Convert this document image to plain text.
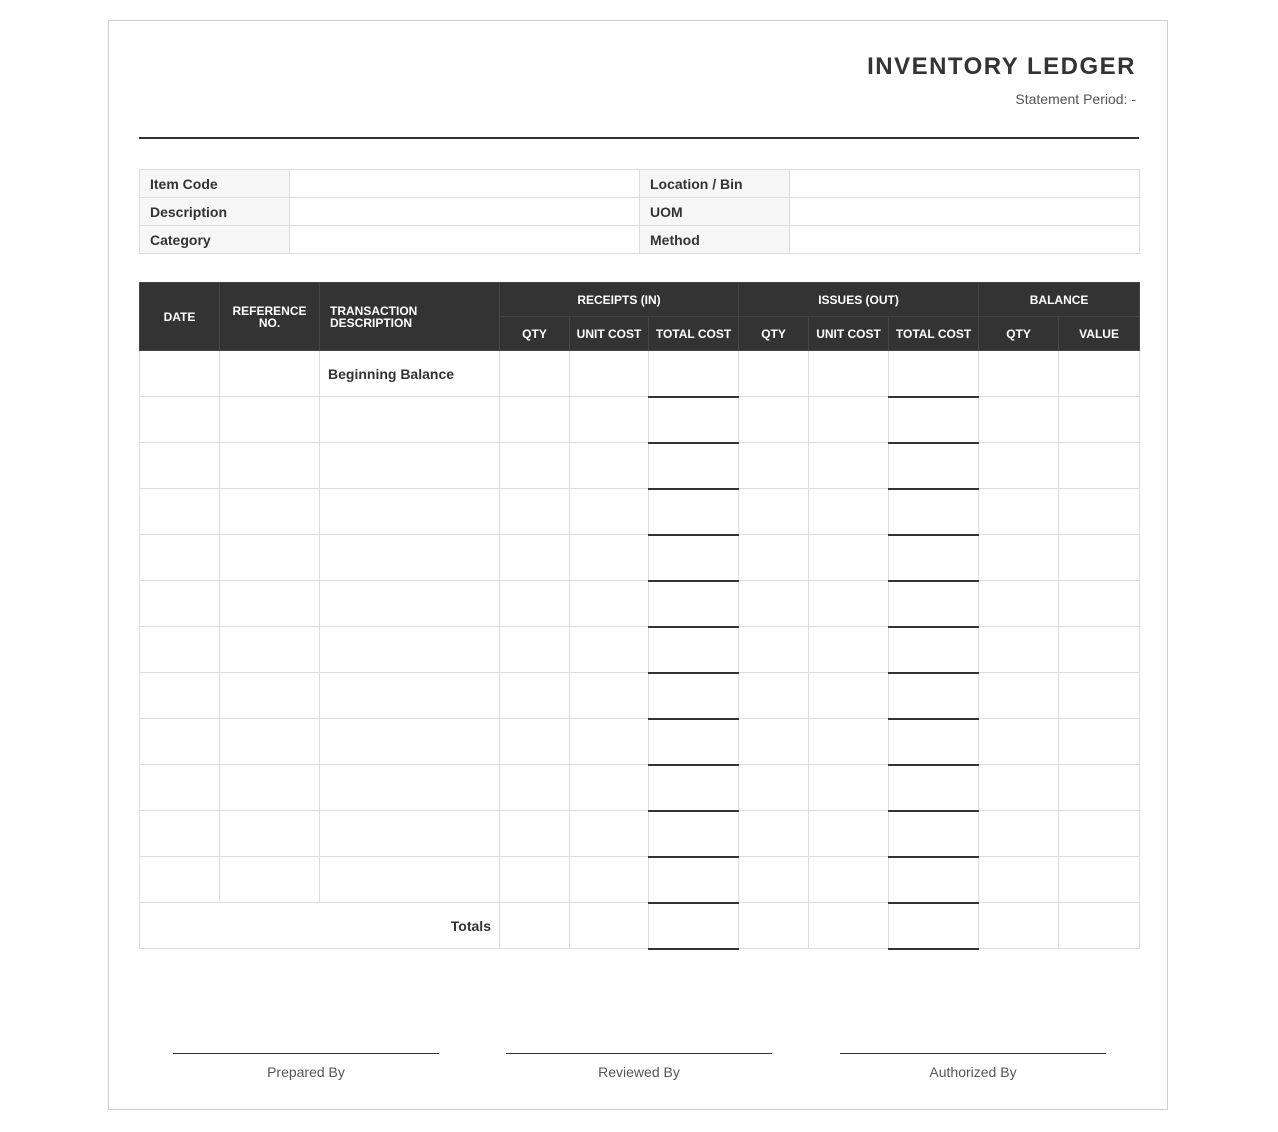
INVENTORY LEDGER
Statement Period: -
Item Code		Location / Bin	
Description		UOM	
Category		Method	
DATE	REFERENCE NO.	TRANSACTION DESCRIPTION	RECEIPTS (IN)			ISSUES (OUT)			BALANCE	
			QTY	UNIT COST	TOTAL COST	QTY	UNIT COST	TOTAL COST	QTY	VALUE
		Beginning Balance								

Totals										
Prepared By	Reviewed By	Authorized By
